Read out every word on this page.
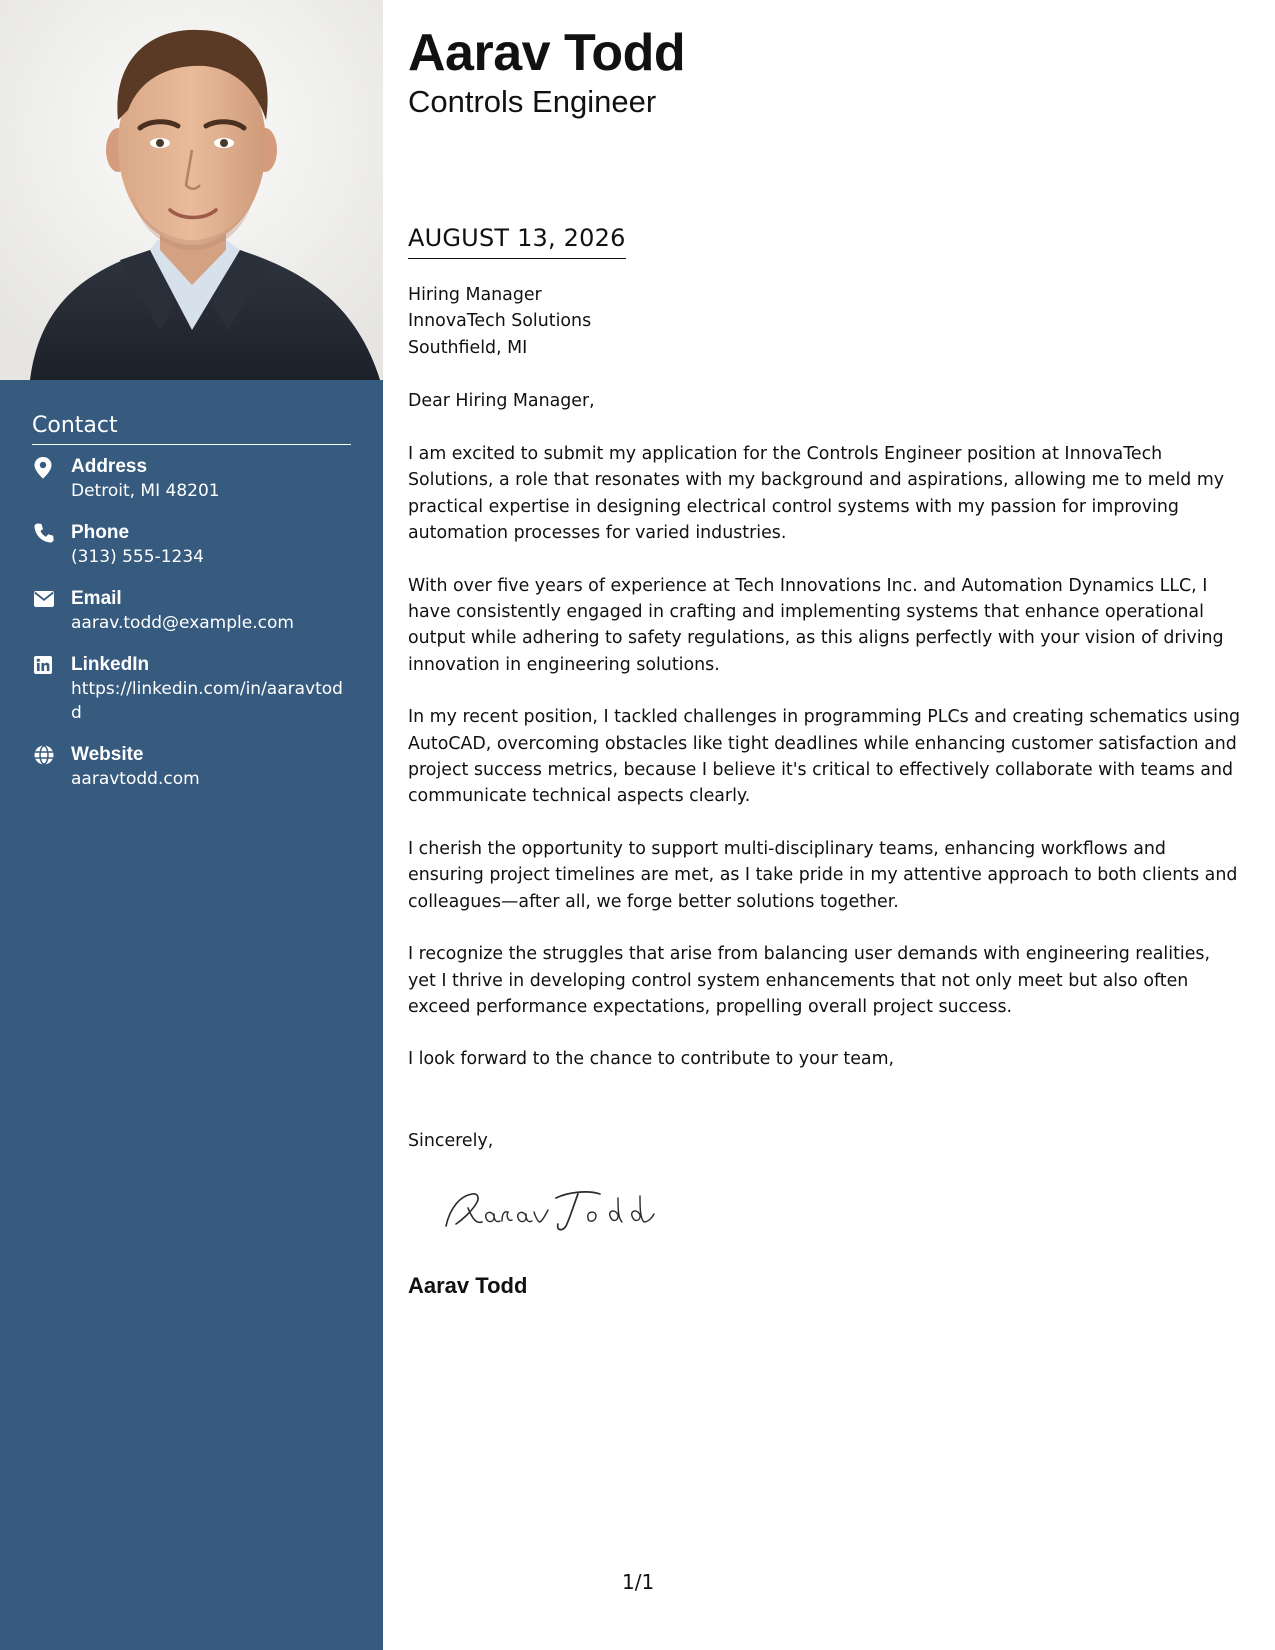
Contact
Address
Detroit, MI 48201
Phone
(313) 555-1234
Email
aarav.todd@example.com
LinkedIn
https://linkedin.com/in/aaravtodd
Website
aaravtodd.com
Aarav Todd
Controls Engineer
AUGUST 13, 2026
Hiring Manager
InnovaTech Solutions
Southfield, MI
Dear Hiring Manager,

I am excited to submit my application for the Controls Engineer position at InnovaTech Solutions, a role that resonates with my background and aspirations, allowing me to meld my practical expertise in designing electrical control systems with my passion for improving automation processes for varied industries.

With over five years of experience at Tech Innovations Inc. and Automation Dynamics LLC, I have consistently engaged in crafting and implementing systems that enhance operational output while adhering to safety regulations, as this aligns perfectly with your vision of driving innovation in engineering solutions.

In my recent position, I tackled challenges in programming PLCs and creating schematics using AutoCAD, overcoming obstacles like tight deadlines while enhancing customer satisfaction and project success metrics, because I believe it's critical to effectively collaborate with teams and communicate technical aspects clearly.

I cherish the opportunity to support multi-disciplinary teams, enhancing workflows and ensuring project timelines are met, as I take pride in my attentive approach to both clients and colleagues—after all, we forge better solutions together.

I recognize the struggles that arise from balancing user demands with engineering realities, yet I thrive in developing control system enhancements that not only meet but also often exceed performance expectations, propelling overall project success.

I look forward to the chance to contribute to your team,

Sincerely,
Aarav Todd
1/1
